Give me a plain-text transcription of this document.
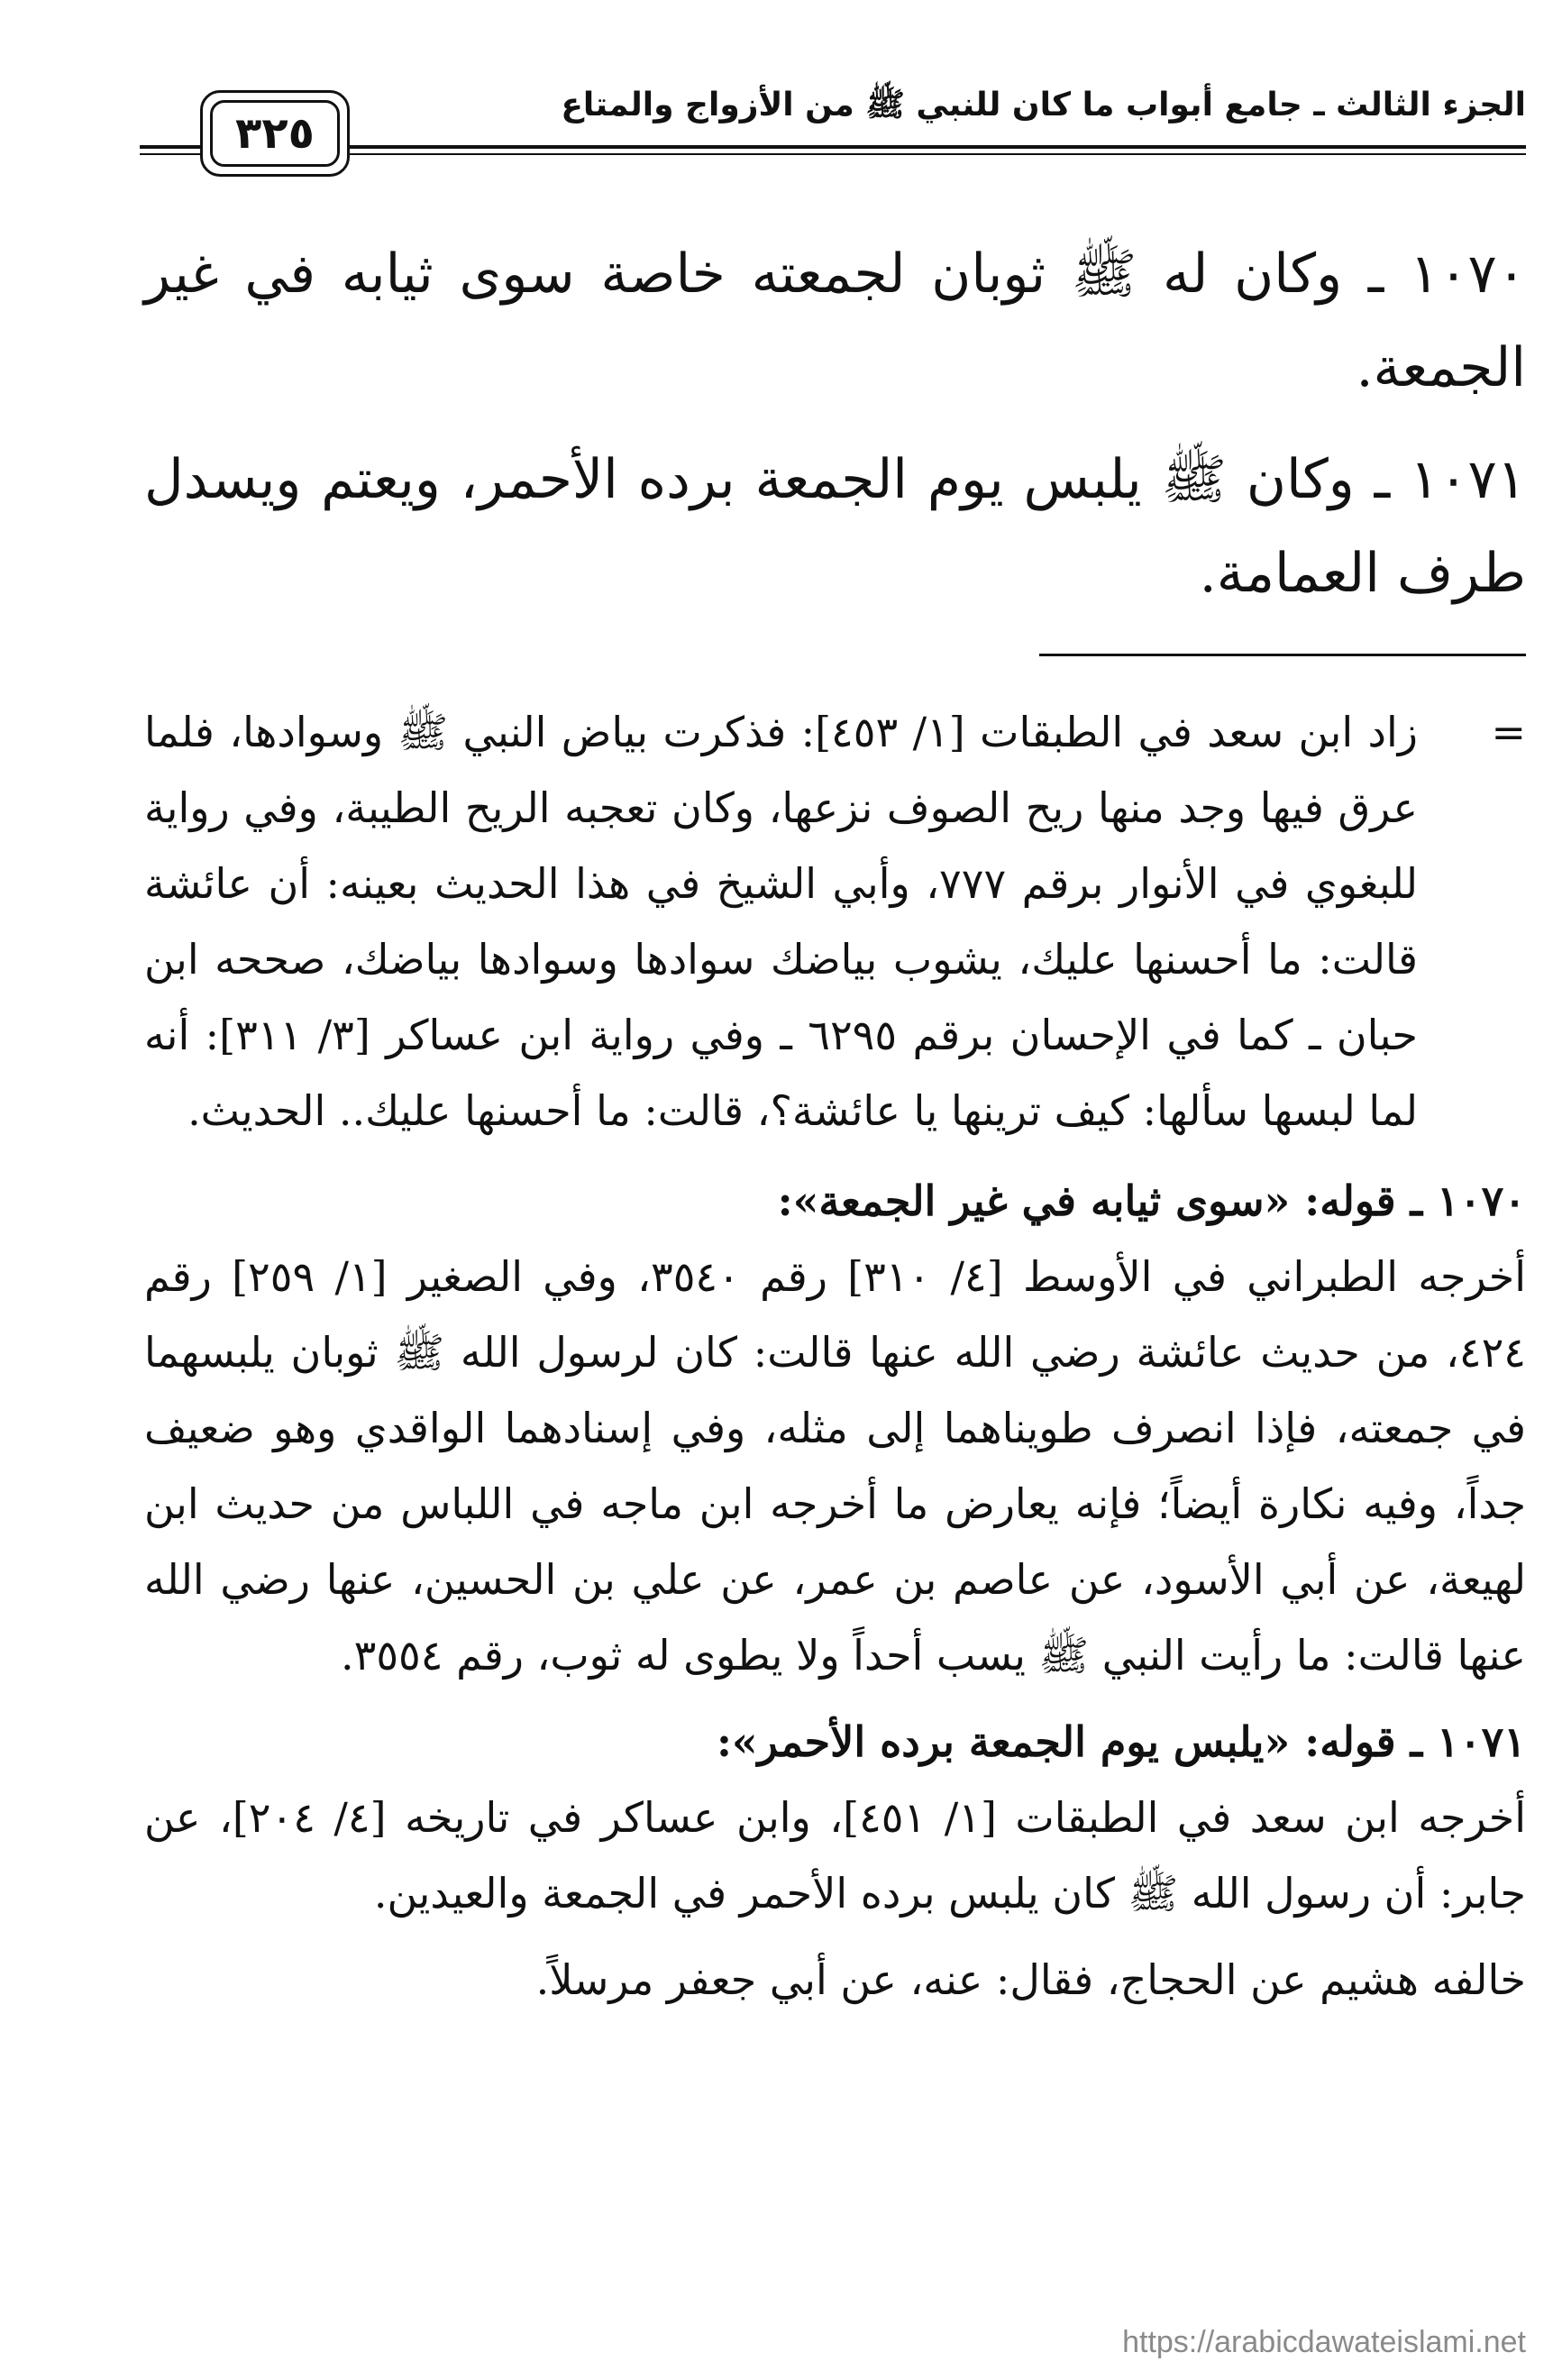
الجزء الثالث ـ جامع أبواب ما كان للنبي ﷺ من الأزواج والمتاع
٣٢٥

١٠٧٠ ـ وكان له ﷺ ثوبان لجمعته خاصة سوى ثيابه في غير الجمعة.

١٠٧١ ـ وكان ﷺ يلبس يوم الجمعة برده الأحمر، ويعتم ويسدل طرف العمامة.

=
زاد ابن سعد في الطبقات [١/ ٤٥٣]: فذكرت بياض النبي ﷺ وسوادها، فلما عرق فيها وجد منها ريح الصوف نزعها، وكان تعجبه الريح الطيبة، وفي رواية للبغوي في الأنوار برقم ٧٧٧، وأبي الشيخ في هذا الحديث بعينه: أن عائشة قالت: ما أحسنها عليك، يشوب بياضك سوادها وسوادها بياضك، صححه ابن حبان ـ كما في الإحسان برقم ٦٢٩٥ ـ وفي رواية ابن عساكر [٣/ ٣١١]: أنه لما لبسها سألها: كيف ترينها يا عائشة؟، قالت: ما أحسنها عليك.. الحديث.

١٠٧٠ ـ قوله: «سوى ثيابه في غير الجمعة»:

أخرجه الطبراني في الأوسط [٤/ ٣١٠] رقم ٣٥٤٠، وفي الصغير [١/ ٢٥٩] رقم ٤٢٤، من حديث عائشة رضي الله عنها قالت: كان لرسول الله ﷺ ثوبان يلبسهما في جمعته، فإذا انصرف طويناهما إلى مثله، وفي إسنادهما الواقدي وهو ضعيف جداً، وفيه نكارة أيضاً؛ فإنه يعارض ما أخرجه ابن ماجه في اللباس من حديث ابن لهيعة، عن أبي الأسود، عن عاصم بن عمر، عن علي بن الحسين، عنها رضي الله عنها قالت: ما رأيت النبي ﷺ يسب أحداً ولا يطوى له ثوب، رقم ٣٥٥٤.

١٠٧١ ـ قوله: «يلبس يوم الجمعة برده الأحمر»:

أخرجه ابن سعد في الطبقات [١/ ٤٥١]، وابن عساكر في تاريخه [٤/ ٢٠٤]، عن جابر: أن رسول الله ﷺ كان يلبس برده الأحمر في الجمعة والعيدين.

خالفه هشيم عن الحجاج، فقال: عنه، عن أبي جعفر مرسلاً.

https://arabicdawateislami.net
